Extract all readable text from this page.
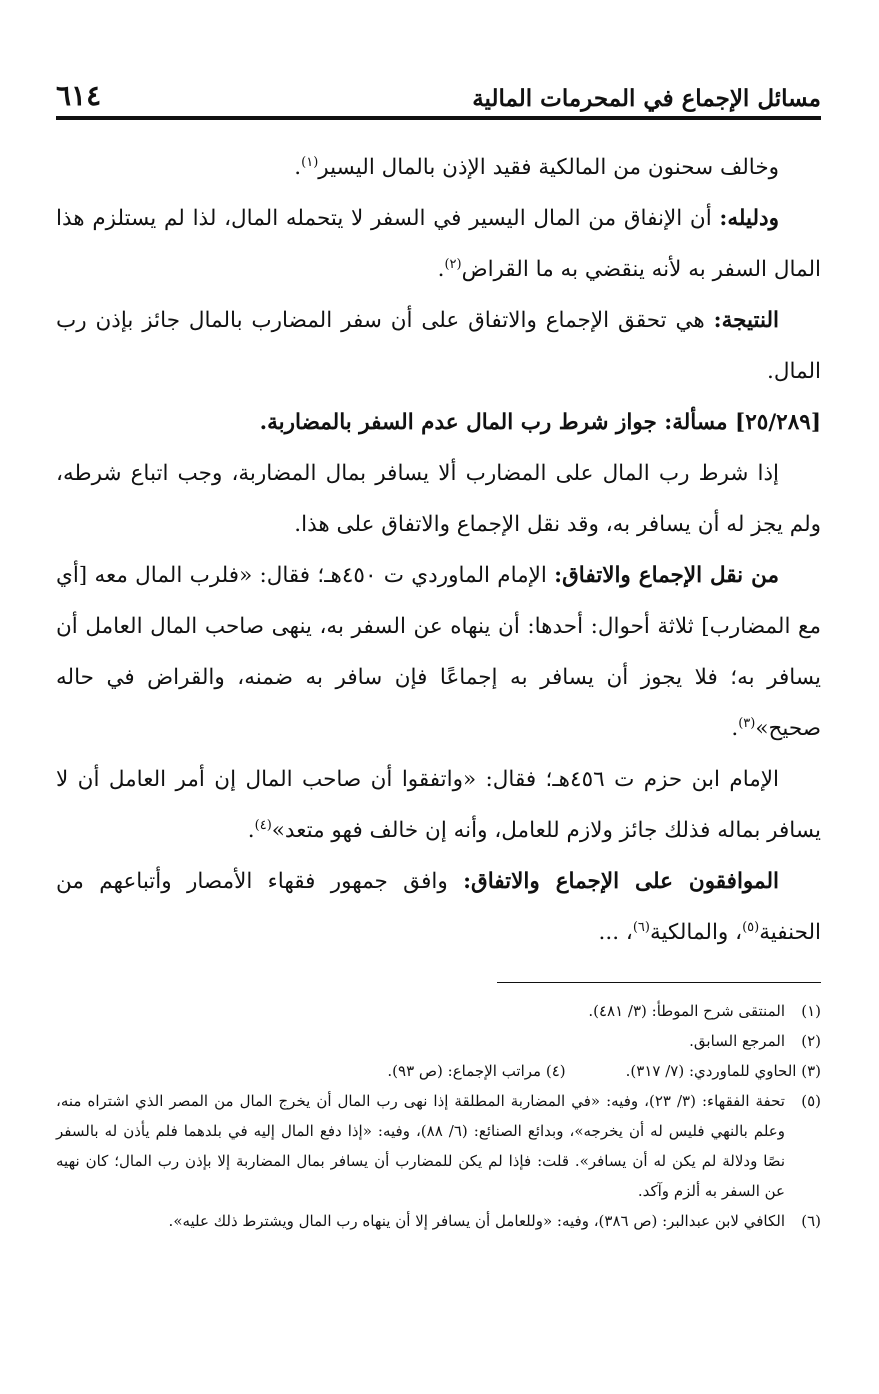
مسائل الإجماع في المحرمات المالية
٦١٤

وخالف سحنون من المالكية فقيد الإذن بالمال اليسير$^{(١)}$.

ودليله: أن الإنفاق من المال اليسير في السفر لا يتحمله المال، لذا لم يستلزم هذا المال السفر به لأنه ينقضي به ما القراض$^{(٢)}$.

النتيجة: هي تحقق الإجماع والاتفاق على أن سفر المضارب بالمال جائز بإذن رب المال.

[٢٥/٢٨٩] مسألة: جواز شرط رب المال عدم السفر بالمضاربة.

إذا شرط رب المال على المضارب ألا يسافر بمال المضاربة، وجب اتباع شرطه، ولم يجز له أن يسافر به، وقد نقل الإجماع والاتفاق على هذا.

من نقل الإجماع والاتفاق: الإمام الماوردي ت ٤٥٠هـ؛ فقال: «فلرب المال معه [أي مع المضارب] ثلاثة أحوال: أحدها: أن ينهاه عن السفر به، ينهى صاحب المال العامل أن يسافر به؛ فلا يجوز أن يسافر به إجماعًا فإن سافر به ضمنه، والقراض في حاله صحيح»$^{(٣)}$.

الإمام ابن حزم ت ٤٥٦هـ؛ فقال: «واتفقوا أن صاحب المال إن أمر العامل أن لا يسافر بماله فذلك جائز ولازم للعامل، وأنه إن خالف فهو متعد»$^{(٤)}$.

الموافقون على الإجماع والاتفاق: وافق جمهور فقهاء الأمصار وأتباعهم من الحنفية$^{(٥)}$، والمالكية$^{(٦)}$، ...

(١)
المنتقى شرح الموطأ: (٣/ ٤٨١).
(٢)
المرجع السابق.
(٣) الحاوي للماوردي: (٧/ ٣١٧).
(٤) مراتب الإجماع: (ص ٩٣).
(٥)
تحفة الفقهاء: (٣/ ٢٣)، وفيه: «في المضاربة المطلقة إذا نهى رب المال أن يخرج المال من المصر الذي اشتراه منه، وعلم بالنهي فليس له أن يخرجه»، وبدائع الصنائع: (٦/ ٨٨)، وفيه: «إذا دفع المال إليه في بلدهما فلم يأذن له بالسفر نصًا ودلالة لم يكن له أن يسافر». قلت: فإذا لم يكن للمضارب أن يسافر بمال المضاربة إلا بإذن رب المال؛ كان نهيه عن السفر به ألزم وآكد.
(٦)
الكافي لابن عبدالبر: (ص ٣٨٦)، وفيه: «وللعامل أن يسافر إلا أن ينهاه رب المال ويشترط ذلك عليه».
